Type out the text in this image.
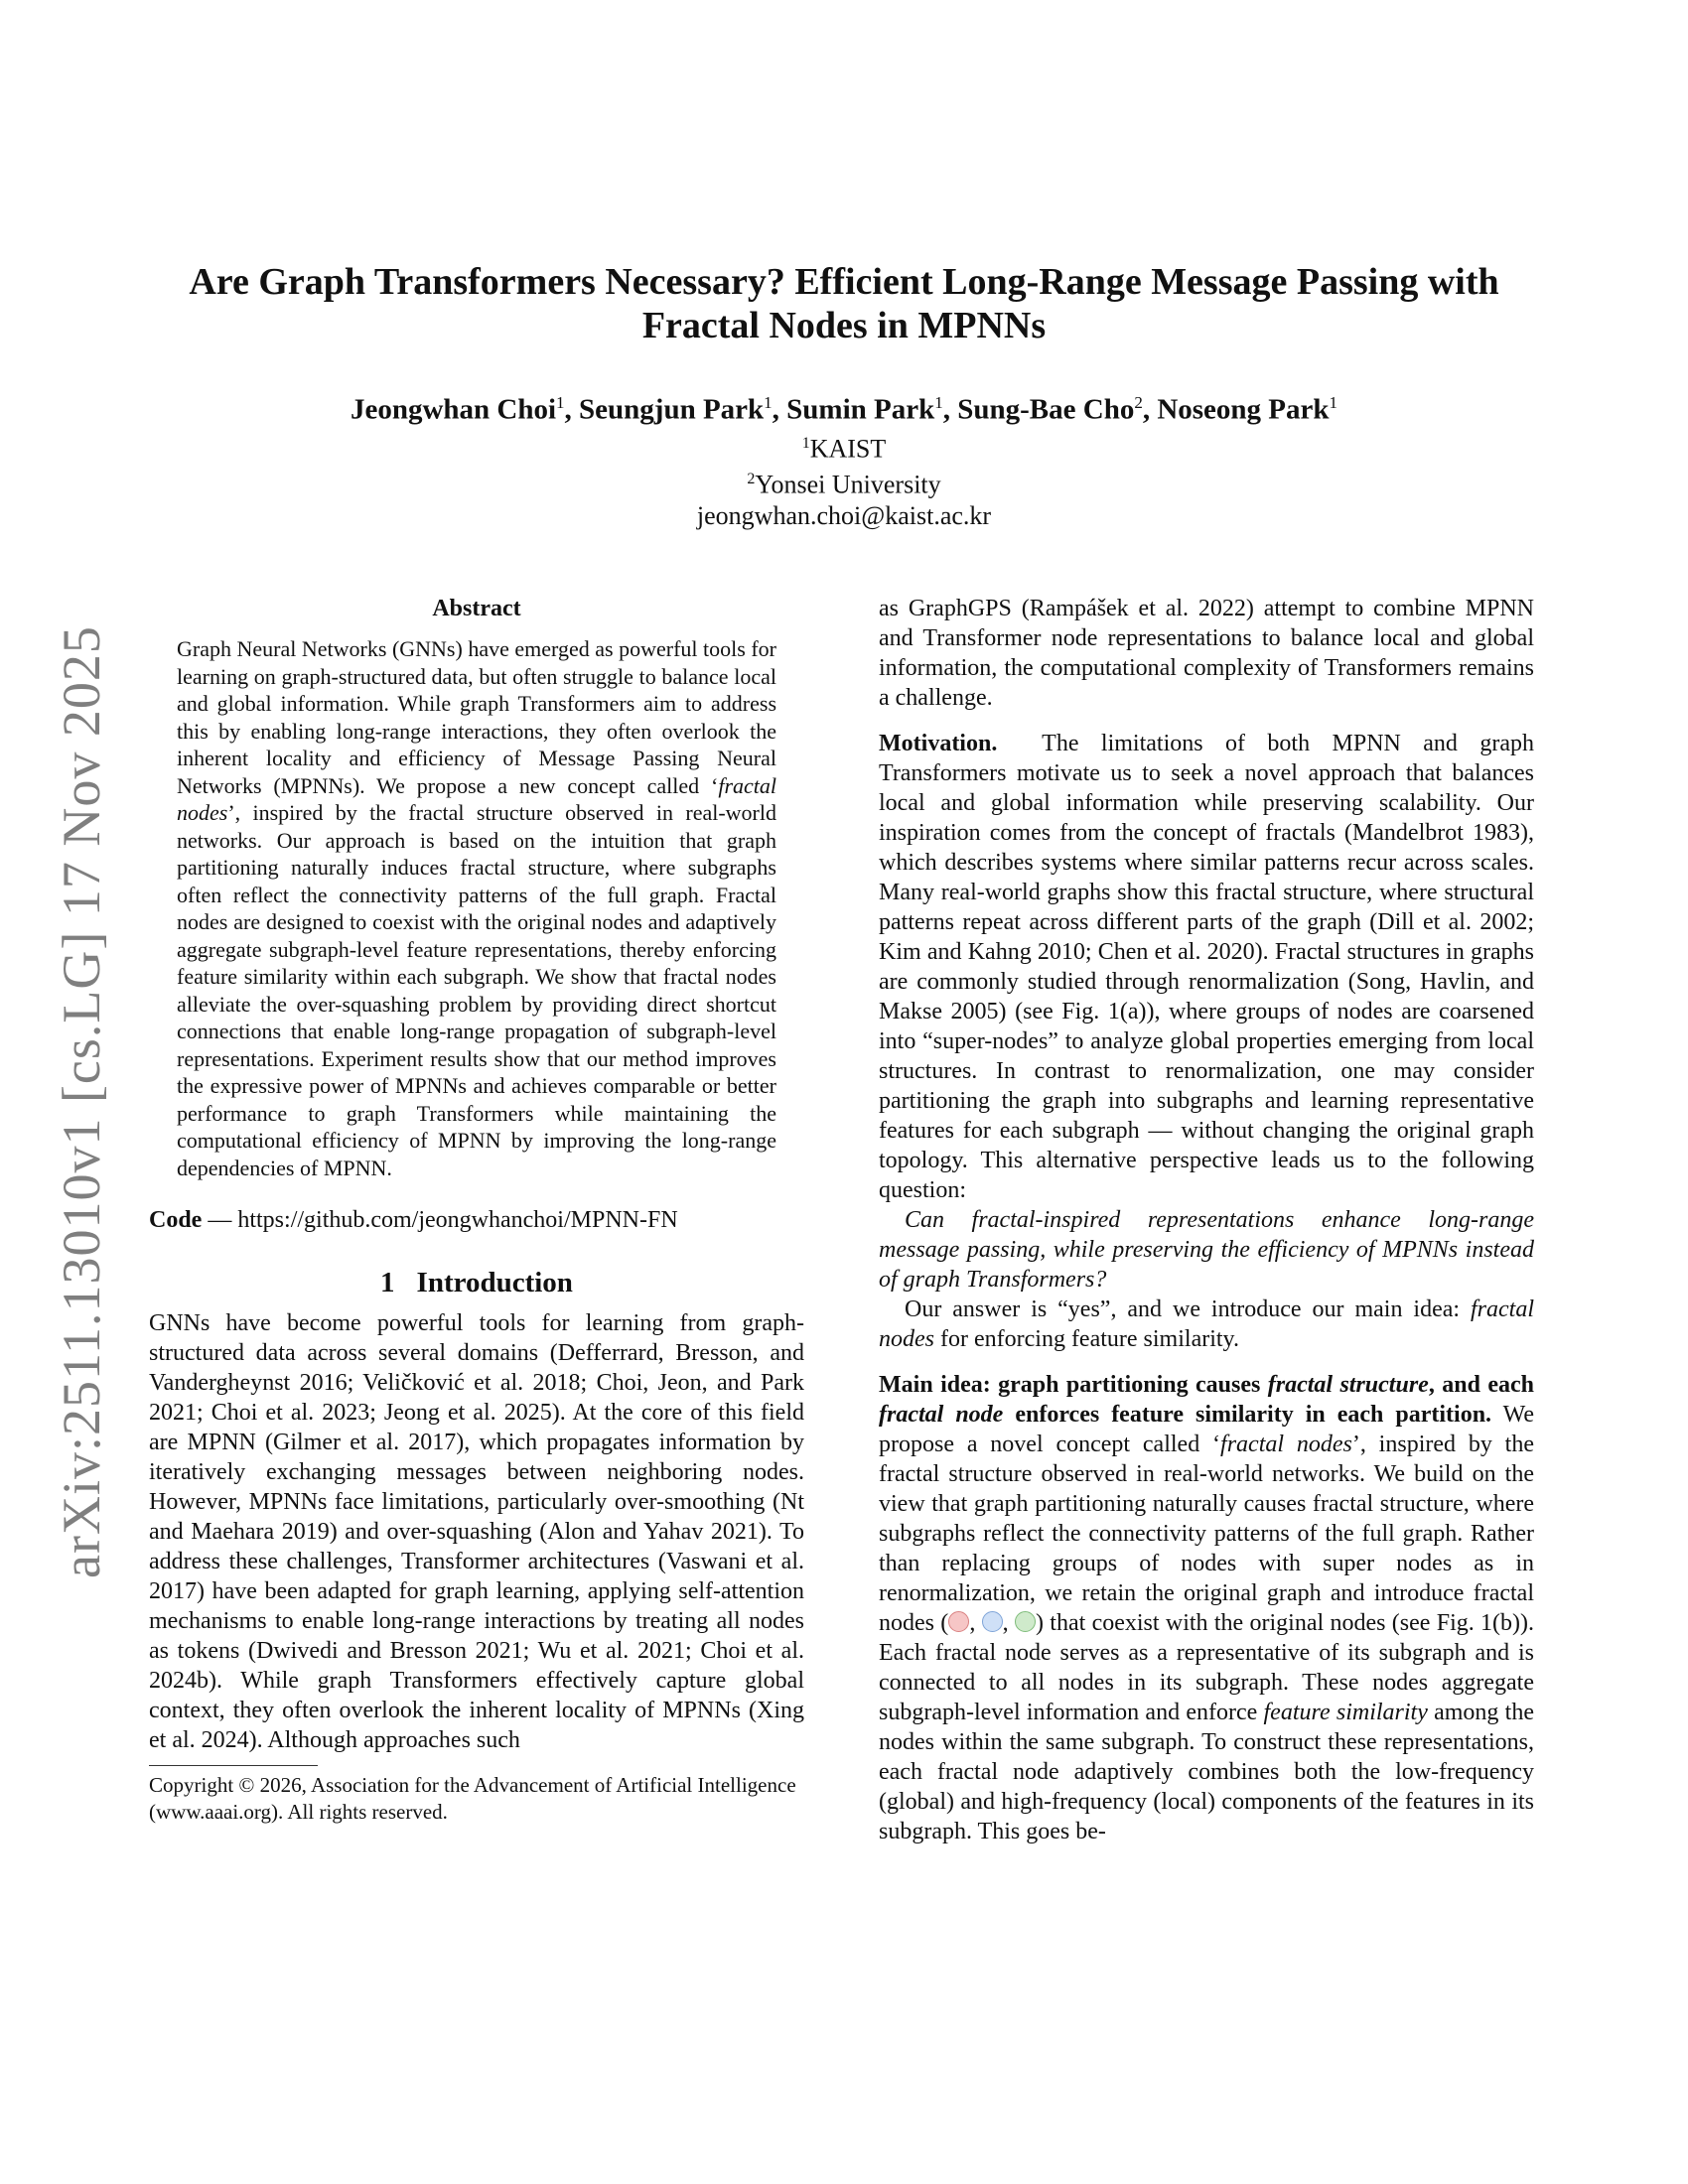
arXiv:2511.13010v1 [cs.LG] 17 Nov 2025
Are Graph Transformers Necessary? Efficient Long-Range Message Passing with Fractal Nodes in MPNNs
Jeongwhan Choi$^1$, Seungjun Park$^1$, Sumin Park$^1$, Sung-Bae Cho$^2$, Noseong Park$^1$
$^1$KAIST
$^2$Yonsei University
jeongwhan.choi@kaist.ac.kr
Abstract

Graph Neural Networks (GNNs) have emerged as powerful tools for learning on graph-structured data, but often struggle to balance local and global information. While graph Transformers aim to address this by enabling long-range interactions, they often overlook the inherent locality and efficiency of Message Passing Neural Networks (MPNNs). We propose a new concept called ‘fractal nodes’, inspired by the fractal structure observed in real-world networks. Our approach is based on the intuition that graph partitioning naturally induces fractal structure, where subgraphs often reflect the connectivity patterns of the full graph. Fractal nodes are designed to coexist with the original nodes and adaptively aggregate subgraph-level feature representations, thereby enforcing feature similarity within each subgraph. We show that fractal nodes alleviate the over-squashing problem by providing direct shortcut connections that enable long-range propagation of subgraph-level representations. Experiment results show that our method improves the expressive power of MPNNs and achieves comparable or better performance to graph Transformers while maintaining the computational efficiency of MPNN by improving the long-range dependencies of MPNN.

Code — https://github.com/jeongwhanchoi/MPNN-FN

1 Introduction

GNNs have become powerful tools for learning from graph-structured data across several domains (Defferrard, Bresson, and Vandergheynst 2016; Veličković et al. 2018; Choi, Jeon, and Park 2021; Choi et al. 2023; Jeong et al. 2025). At the core of this field are MPNN (Gilmer et al. 2017), which propagates information by iteratively exchanging messages between neighboring nodes. However, MPNNs face limitations, particularly over-smoothing (Nt and Maehara 2019) and over-squashing (Alon and Yahav 2021). To address these challenges, Transformer architectures (Vaswani et al. 2017) have been adapted for graph learning, applying self-attention mechanisms to enable long-range interactions by treating all nodes as tokens (Dwivedi and Bresson 2021; Wu et al. 2021; Choi et al. 2024b). While graph Transformers effectively capture global context, they often overlook the inherent locality of MPNNs (Xing et al. 2024). Although approaches such

Copyright © 2026, Association for the Advancement of Artificial Intelligence (www.aaai.org). All rights reserved.

as GraphGPS (Rampášek et al. 2022) attempt to combine MPNN and Transformer node representations to balance local and global information, the computational complexity of Transformers remains a challenge.

Motivation. The limitations of both MPNN and graph Transformers motivate us to seek a novel approach that balances local and global information while preserving scalability. Our inspiration comes from the concept of fractals (Mandelbrot 1983), which describes systems where similar patterns recur across scales. Many real-world graphs show this fractal structure, where structural patterns repeat across different parts of the graph (Dill et al. 2002; Kim and Kahng 2010; Chen et al. 2020). Fractal structures in graphs are commonly studied through renormalization (Song, Havlin, and Makse 2005) (see Fig. 1(a)), where groups of nodes are coarsened into “super-nodes” to analyze global properties emerging from local structures. In contrast to renormalization, one may consider partitioning the graph into subgraphs and learning representative features for each subgraph — without changing the original graph topology. This alternative perspective leads us to the following question:

Can fractal-inspired representations enhance long-range message passing, while preserving the efficiency of MPNNs instead of graph Transformers?

Our answer is “yes”, and we introduce our main idea: fractal nodes for enforcing feature similarity.

Main idea: graph partitioning causes fractal structure, and each fractal node enforces feature similarity in each partition. We propose a novel concept called ‘fractal nodes’, inspired by the fractal structure observed in real-world networks. We build on the view that graph partitioning naturally causes fractal structure, where subgraphs reflect the connectivity patterns of the full graph. Rather than replacing groups of nodes with super nodes as in renormalization, we retain the original graph and introduce fractal nodes ( , , ) that coexist with the original nodes (see Fig. 1(b)). Each fractal node serves as a representative of its subgraph and is connected to all nodes in its subgraph. These nodes aggregate subgraph-level information and enforce feature similarity among the nodes within the same subgraph. To construct these representations, each fractal node adaptively combines both the low-frequency (global) and high-frequency (local) components of the features in its subgraph. This goes be-
